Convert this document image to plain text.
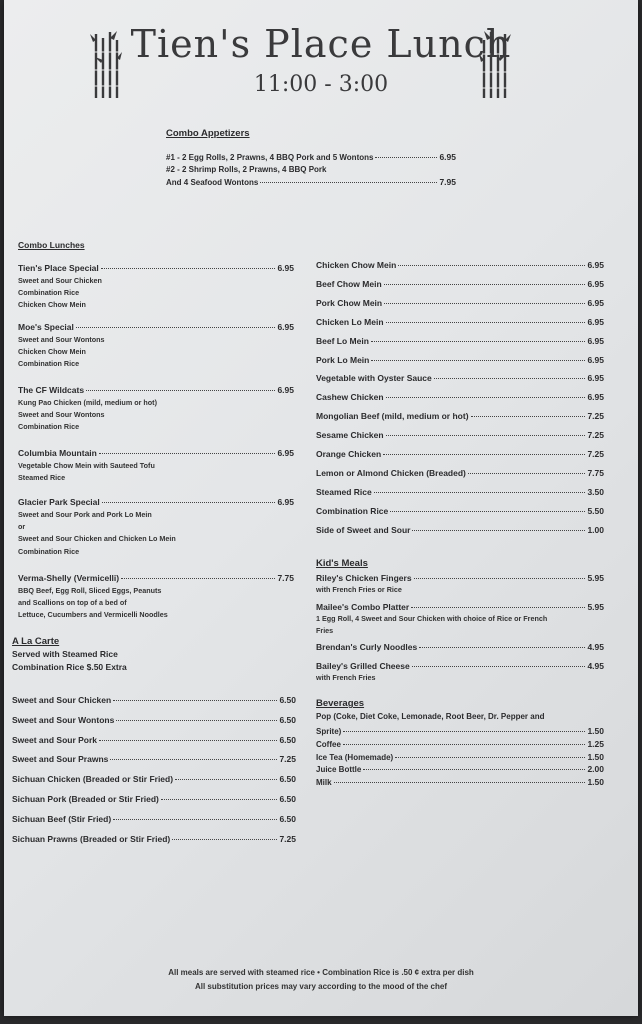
Tien's Place Lunch
11:00 - 3:00
Combo Appetizers
#1 - 2 Egg Rolls, 2 Prawns, 4 BBQ Pork and 5 Wontons	6.95
#2 - 2 Shrimp Rolls, 2 Prawns, 4 BBQ Pork
And 4 Seafood Wontons	7.95
Combo Lunches
A La Carte
Served with Steamed Rice
Combination Rice $.50 Extra
Kid's Meals
Beverages
Pop (Coke, Diet Coke, Lemonade, Root Beer, Dr. Pepper and
Sprite)	1.50
All meals are served with steamed rice • Combination Rice is .50 ¢ extra per dish
All substitution prices may vary according to the mood of the chef
Tien's Place Special	6.95
Sweet and Sour Chicken
Combination Rice
Chicken Chow Mein
Moe's Special	6.95
Sweet and Sour Wontons
Chicken Chow Mein
Combination Rice
The CF Wildcats	6.95
Kung Pao Chicken (mild, medium or hot)
Sweet and Sour Wontons
Combination Rice
Columbia Mountain	6.95
Vegetable Chow Mein with Sauteed Tofu
Steamed Rice
Glacier Park Special	6.95
Sweet and Sour Pork and Pork Lo Mein
or
Sweet and Sour Chicken and Chicken Lo Mein
Combination Rice
Verma-Shelly (Vermicelli)	7.75
BBQ Beef, Egg Roll, Sliced Eggs, Peanuts
and Scallions on top of a bed of
Lettuce, Cucumbers and Vermicelli Noodles
Sweet and Sour Chicken	6.50
Sweet and Sour Wontons	6.50
Sweet and Sour Pork	6.50
Sweet and Sour Prawns	7.25
Sichuan Chicken (Breaded or Stir Fried)	6.50
Sichuan Pork (Breaded or Stir Fried)	6.50
Sichuan Beef (Stir Fried)	6.50
Sichuan Prawns (Breaded or Stir Fried)	7.25
Chicken Chow Mein	6.95
Beef Chow Mein	6.95
Pork Chow Mein	6.95
Chicken Lo Mein	6.95
Beef Lo Mein	6.95
Pork Lo Mein	6.95
Vegetable with Oyster Sauce	6.95
Cashew Chicken	6.95
Mongolian Beef (mild, medium or hot)	7.25
Sesame Chicken	7.25
Orange Chicken	7.25
Lemon or Almond Chicken (Breaded)	7.75
Steamed Rice	3.50
Combination Rice	5.50
Side of Sweet and Sour	1.00
Riley's Chicken Fingers	5.95
with French Fries or Rice
Mailee's Combo Platter	5.95
1 Egg Roll, 4 Sweet and Sour Chicken with choice of Rice or French
Fries
Brendan's Curly Noodles	4.95
Bailey's Grilled Cheese	4.95
with French Fries
Coffee	1.25
Ice Tea (Homemade)	1.50
Juice Bottle	2.00
Milk	1.50
